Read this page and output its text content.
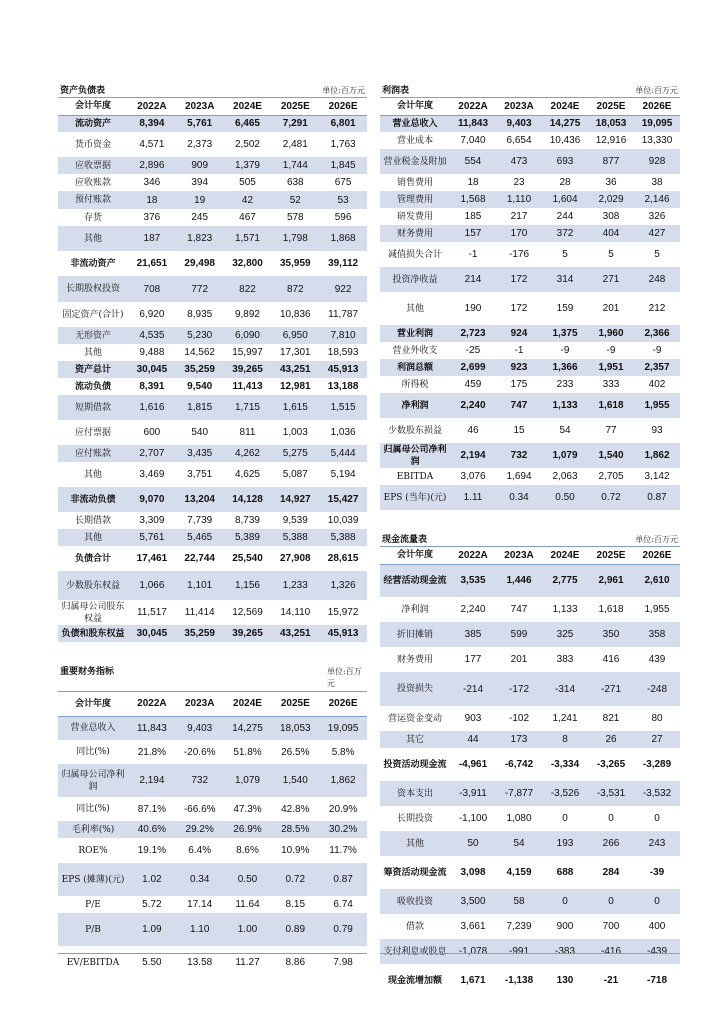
资产负债表	单位:百万元
会计年度	2022A	2023A	2024E	2025E	2026E
流动资产	8,394	5,761	6,465	7,291	6,801
货币资金	4,571	2,373	2,502	2,481	1,763
应收票据	2,896	909	1,379	1,744	1,845
应收账款	346	394	505	638	675
预付账款	18	19	42	52	53
存货	376	245	467	578	596
其他	187	1,823	1,571	1,798	1,868
非流动资产	21,651	29,498	32,800	35,959	39,112
长期股权投资	708	772	822	872	922
固定资产(合计)	6,920	8,935	9,892	10,836	11,787
无形资产	4,535	5,230	6,090	6,950	7,810
其他	9,488	14,562	15,997	17,301	18,593
资产总计	30,045	35,259	39,265	43,251	45,913
流动负债	8,391	9,540	11,413	12,981	13,188
短期借款	1,616	1,815	1,715	1,615	1,515
应付票据	600	540	811	1,003	1,036
应付账款	2,707	3,435	4,262	5,275	5,444
其他	3,469	3,751	4,625	5,087	5,194
非流动负债	9,070	13,204	14,128	14,927	15,427
长期借款	3,309	7,739	8,739	9,539	10,039
其他	5,761	5,465	5,389	5,388	5,388
负债合计	17,461	22,744	25,540	27,908	28,615
少数股东权益	1,066	1,101	1,156	1,233	1,326
归属母公司股东权益	11,517	11,414	12,569	14,110	15,972
负债和股东权益	30,045	35,259	39,265	43,251	45,913
利润表	单位:百万元
会计年度	2022A	2023A	2024E	2025E	2026E
营业总收入	11,843	9,403	14,275	18,053	19,095
营业成本	7,040	6,654	10,436	12,916	13,330
营业税金及附加	554	473	693	877	928
销售费用	18	23	28	36	38
管理费用	1,568	1,110	1,604	2,029	2,146
研发费用	185	217	244	308	326
财务费用	157	170	372	404	427
减值损失合计	-1	-176	5	5	5
投资净收益	214	172	314	271	248
其他	190	172	159	201	212
营业利润	2,723	924	1,375	1,960	2,366
营业外收支	-25	-1	-9	-9	-9
利润总额	2,699	923	1,366	1,951	2,357
所得税	459	175	233	333	402
净利润	2,240	747	1,133	1,618	1,955
少数股东损益	46	15	54	77	93
归属母公司净利润	2,194	732	1,079	1,540	1,862
EBITDA	3,076	1,694	2,063	2,705	3,142
EPS (当年)(元)	1.11	0.34	0.50	0.72	0.87
重要财务指标	单位:百万元
会计年度	2022A	2023A	2024E	2025E	2026E
营业总收入	11,843	9,403	14,275	18,053	19,095
同比(%)	21.8%	-20.6%	51.8%	26.5%	5.8%
归属母公司净利润	2,194	732	1,079	1,540	1,862
同比(%)	87.1%	-66.6%	47.3%	42.8%	20.9%
毛利率(%)	40.6%	29.2%	26.9%	28.5%	30.2%
ROE%	19.1%	6.4%	8.6%	10.9%	11.7%
EPS (摊薄)(元)	1.02	0.34	0.50	0.72	0.87
P/E	5.72	17.14	11.64	8.15	6.74
P/B	1.09	1.10	1.00	0.89	0.79
EV/EBITDA	5.50	13.58	11.27	8.86	7.98
现金流量表	单位:百万元
会计年度	2022A	2023A	2024E	2025E	2026E
经营活动现金流	3,535	1,446	2,775	2,961	2,610
净利润	2,240	747	1,133	1,618	1,955
折旧摊销	385	599	325	350	358
财务费用	177	201	383	416	439
投资损失	-214	-172	-314	-271	-248
营运资金变动	903	-102	1,241	821	80
其它	44	173	8	26	27
投资活动现金流	-4,961	-6,742	-3,334	-3,265	-3,289
资本支出	-3,911	-7,877	-3,526	-3,531	-3,532
长期投资	-1,100	1,080	0	0	0
其他	50	54	193	266	243
筹资活动现金流	3,098	4,159	688	284	-39
吸收投资	3,500	58	0	0	0
借款	3,661	7,239	900	700	400
支付利息或股息	-1,078	-991	-383	-416	-439
现金流增加额	1,671	-1,138	130	-21	-718
